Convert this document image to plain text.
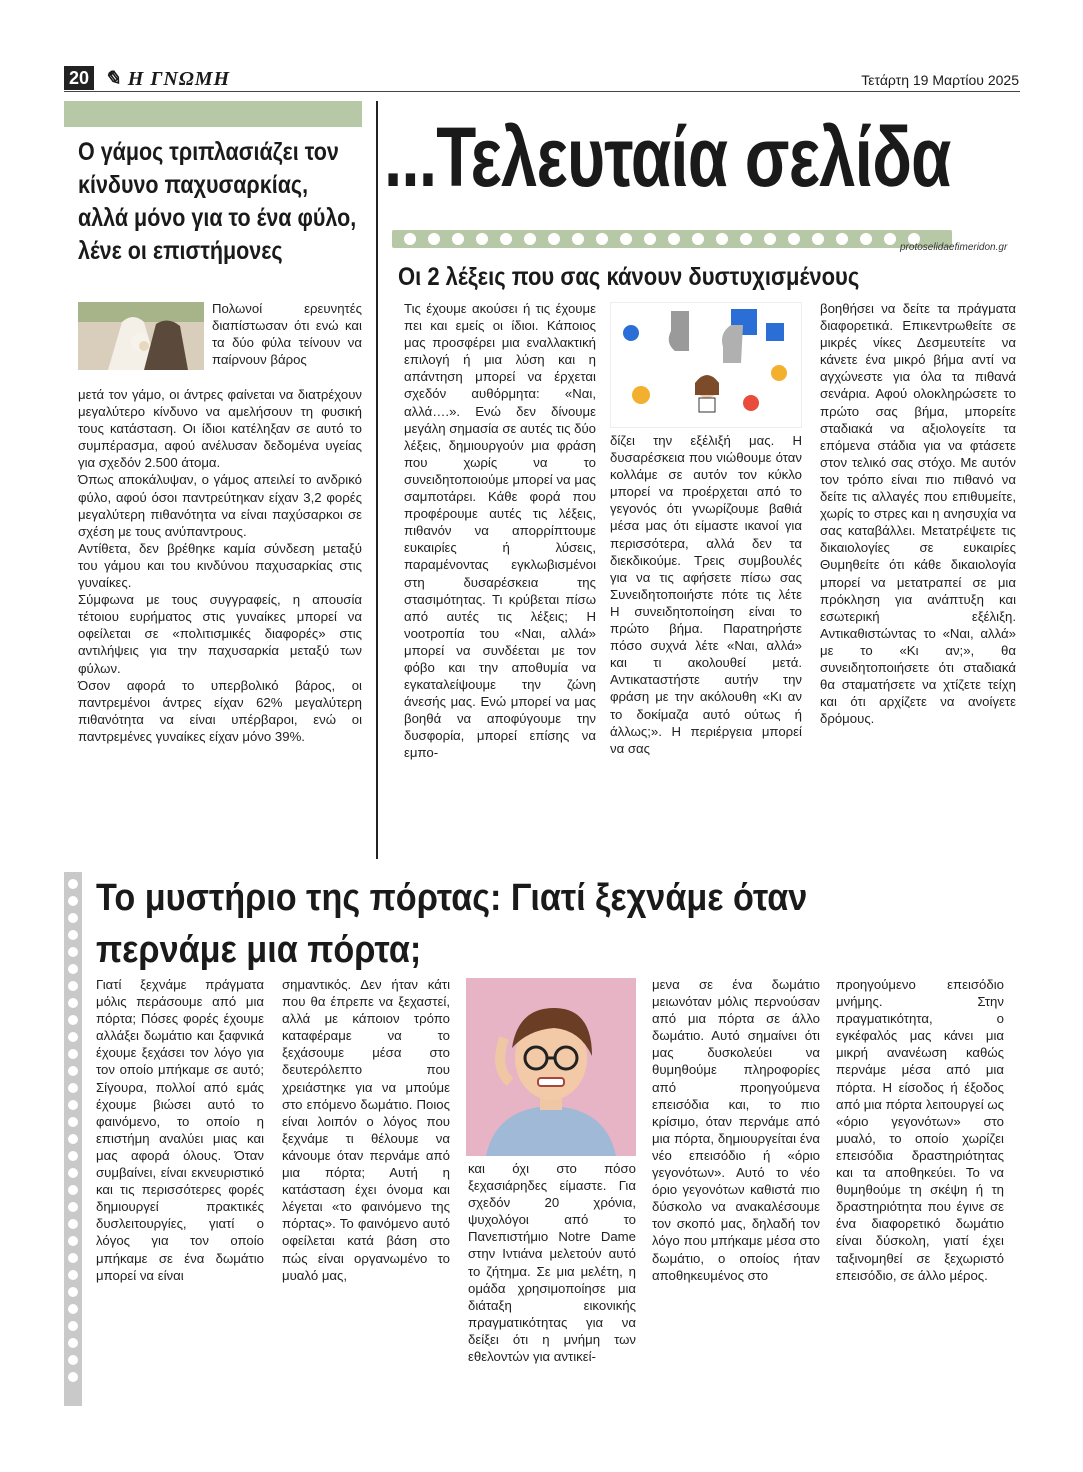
20 ✎ Η ΓΝΩΜΗ	Τετάρτη 19 Μαρτίου 2025
...Τελευταία σελίδα
protoselidaefimeridon.gr
Ο γάμος τριπλασιάζει τον κίνδυνο παχυσαρκίας, αλλά μόνο για το ένα φύλο, λένε οι επιστήμονες
Πολωνοί ερευνητές διαπίστωσαν ότι ενώ και τα δύο φύλα τείνουν να παίρνουν βάρος

μετά τον γάμο, οι άντρες φαίνεται να διατρέχουν μεγαλύτερο κίνδυνο να αμελήσουν τη φυσική τους κατάσταση. Οι ίδιοι κατέληξαν σε αυτό το συμπέρασμα, αφού ανέλυσαν δεδομένα υγείας για σχεδόν 2.500 άτομα.

Όπως αποκάλυψαν, ο γάμος απειλεί το ανδρικό φύλο, αφού όσοι παντρεύτηκαν είχαν 3,2 φορές μεγαλύτερη πιθανότητα να είναι παχύσαρκοι σε σχέση με τους ανύπαντρους.

Αντίθετα, δεν βρέθηκε καμία σύνδεση μεταξύ του γάμου και του κινδύνου παχυσαρκίας στις γυναίκες.

Σύμφωνα με τους συγγραφείς, η απουσία τέτοιου ευρήματος στις γυναίκες μπορεί να οφείλεται σε «πολιτισμικές διαφορές» στις αντιλήψεις για την παχυσαρκία μεταξύ των φύλων.

Όσον αφορά το υπερβολικό βάρος, οι παντρεμένοι άντρες είχαν 62% μεγαλύτερη πιθανότητα να είναι υπέρβαροι, ενώ οι παντρεμένες γυναίκες είχαν μόνο 39%.

Οι 2 λέξεις που σας κάνουν δυστυχισμένους
Τις έχουμε ακούσει ή τις έχουμε πει και εμείς οι ίδιοι. Κάποιος μας προσφέρει μια εναλλακτική επιλογή ή μια λύση και η απάντηση μπορεί να έρχεται σχεδόν αυθόρμητα: «Ναι, αλλά….». Ενώ δεν δίνουμε μεγάλη σημασία σε αυτές τις δύο λέξεις, δημιουργούν μια φράση που χωρίς να το συνειδητοποιούμε μπορεί να μας σαμποτάρει. Κάθε φορά που προφέρουμε αυτές τις λέξεις, πιθανόν να απορρίπτουμε ευκαιρίες ή λύσεις, παραμένοντας εγκλωβισμένοι στη δυσαρέσκεια της στασιμότητας. Τι κρύβεται πίσω από αυτές τις λέξεις; Η νοοτροπία του «Ναι, αλλά» μπορεί να συνδέεται με τον φόβο και την αποθυμία να εγκαταλείψουμε την ζώνη άνεσής μας. Ενώ μπορεί να μας βοηθά να αποφύγουμε την δυσφορία, μπορεί επίσης να εμπο-
δίζει την εξέλιξή μας. Η δυσαρέσκεια που νιώθουμε όταν κολλάμε σε αυτόν τον κύκλο μπορεί να προέρχεται από το γεγονός ότι γνωρίζουμε βαθιά μέσα μας ότι είμαστε ικανοί για περισσότερα, αλλά δεν τα διεκδικούμε. Τρεις συμβουλές για να τις αφήσετε πίσω σας Συνειδητοποιήστε πότε τις λέτε Η συνειδητοποίηση είναι το πρώτο βήμα. Παρατηρήστε πόσο συχνά λέτε «Ναι, αλλά» και τι ακολουθεί μετά. Αντικαταστήστε αυτήν την φράση με την ακόλουθη «Κι αν το δοκίμαζα αυτό ούτως ή άλλως;». Η περιέργεια μπορεί να σας
βοηθήσει να δείτε τα πράγματα διαφορετικά. Επικεντρωθείτε σε μικρές νίκες Δεσμευτείτε να κάνετε ένα μικρό βήμα αντί να αγχώνεστε για όλα τα πιθανά σενάρια. Αφού ολοκληρώσετε το πρώτο σας βήμα, μπορείτε σταδιακά να αξιολογείτε τα επόμενα στάδια για να φτάσετε στον τελικό σας στόχο. Με αυτόν τον τρόπο είναι πιο πιθανό να δείτε τις αλλαγές που επιθυμείτε, χωρίς το στρες και η ανησυχία να σας καταβάλλει. Μετατρέψετε τις δικαιολογίες σε ευκαιρίες Θυμηθείτε ότι κάθε δικαιολογία μπορεί να μετατραπεί σε μια πρόκληση για ανάπτυξη και εσωτερική εξέλιξη. Αντικαθιστώντας το «Ναι, αλλά» με το «Κι αν;», θα συνειδητοποιήσετε ότι σταδιακά θα σταματήσετε να χτίζετε τείχη και ότι αρχίζετε να ανοίγετε δρόμους.
Το μυστήριο της πόρτας: Γιατί ξεχνάμε όταν περνάμε μια πόρτα;
Γιατί ξεχνάμε πράγματα μόλις περάσουμε από μια πόρτα; Πόσες φορές έχουμε αλλάξει δωμάτιο και ξαφνικά έχουμε ξεχάσει τον λόγο για τον οποίο μπήκαμε σε αυτό; Σίγουρα, πολλοί από εμάς έχουμε βιώσει αυτό το φαινόμενο, το οποίο η επιστήμη αναλύει μιας και μας αφορά όλους. Όταν συμβαίνει, είναι εκνευριστικό και τις περισσότερες φορές δημιουργεί πρακτικές δυσλειτουργίες, γιατί ο λόγος για τον οποίο μπήκαμε σε ένα δωμάτιο μπορεί να είναι
σημαντικός. Δεν ήταν κάτι που θα έπρεπε να ξεχαστεί, αλλά με κάποιον τρόπο καταφέραμε να το ξεχάσουμε μέσα στο δευτερόλεπτο που χρειάστηκε για να μπούμε στο επόμενο δωμάτιο. Ποιος είναι λοιπόν ο λόγος που ξεχνάμε τι θέλουμε να κάνουμε όταν περνάμε από μια πόρτα; Αυτή η κατάσταση έχει όνομα και λέγεται «το φαινόμενο της πόρτας». Το φαινόμενο αυτό οφείλεται κατά βάση στο πώς είναι οργανωμένο το μυαλό μας,
και όχι στο πόσο ξεχασιάρηδες είμαστε. Για σχεδόν 20 χρόνια, ψυχολόγοι από το Πανεπιστήμιο Notre Dame στην Ιντιάνα μελετούν αυτό το ζήτημα. Σε μια μελέτη, η ομάδα χρησιμοποίησε μια διάταξη εικονικής πραγματικότητας για να δείξει ότι η μνήμη των εθελοντών για αντικεί-
μενα σε ένα δωμάτιο μειωνόταν μόλις περνούσαν από μια πόρτα σε άλλο δωμάτιο. Αυτό σημαίνει ότι μας δυσκολεύει να θυμηθούμε πληροφορίες από προηγούμενα επεισόδια και, το πιο κρίσιμο, όταν περνάμε από μια πόρτα, δημιουργείται ένα νέο επεισόδιο ή «όριο γεγονότων». Αυτό το νέο όριο γεγονότων καθιστά πιο δύσκολο να ανακαλέσουμε τον σκοπό μας, δηλαδή τον λόγο που μπήκαμε μέσα στο δωμάτιο, ο οποίος ήταν αποθηκευμένος στο
προηγούμενο επεισόδιο μνήμης. Στην πραγματικότητα, ο εγκέφαλός μας κάνει μια μικρή ανανέωση καθώς περνάμε μέσα από μια πόρτα. Η είσοδος ή έξοδος από μια πόρτα λειτουργεί ως «όριο γεγονότων» στο μυαλό, το οποίο χωρίζει επεισόδια δραστηριότητας και τα αποθηκεύει. Το να θυμηθούμε τη σκέψη ή τη δραστηριότητα που έγινε σε ένα διαφορετικό δωμάτιο είναι δύσκολη, γιατί έχει ταξινομηθεί σε ξεχωριστό επεισόδιο, σε άλλο μέρος.
